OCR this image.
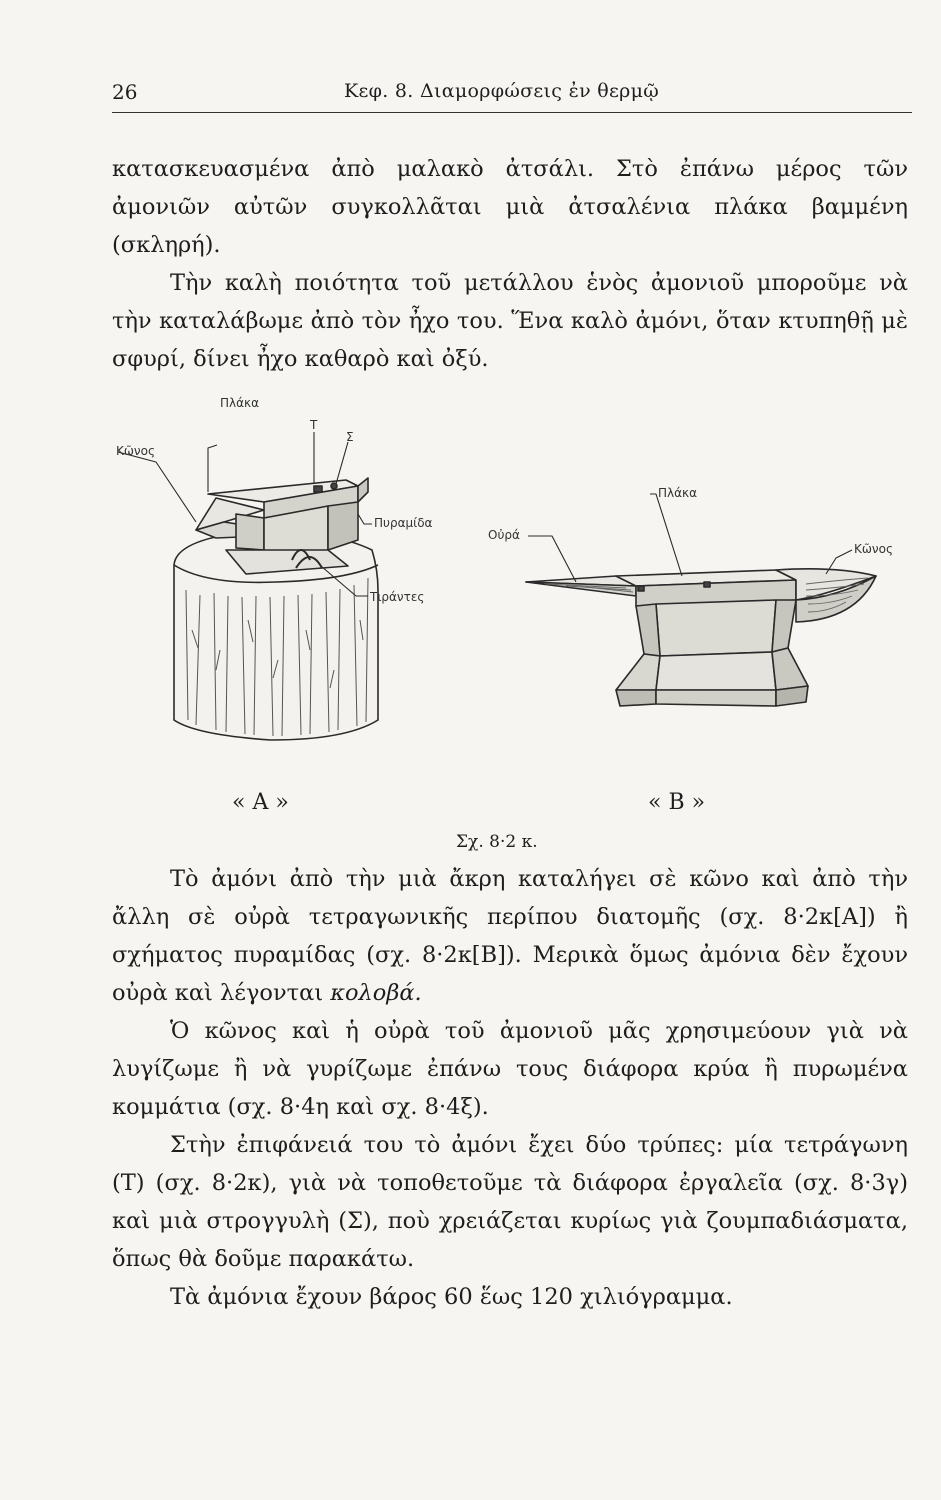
26	Κεφ. 8. Διαμορφώσεις ἐν θερμῷ

κατασκευασμένα ἀπὸ μαλακὸ ἀτσάλι. Στὸ ἐπάνω μέρος τῶν ἀμονιῶν αὐτῶν συγκολλᾶται μιὰ ἀτσαλένια πλάκα βαμμένη (σκληρή).

Τὴν καλὴ ποιότητα τοῦ μετάλλου ἑνὸς ἀμονιοῦ μποροῦμε νὰ τὴν καταλάβωμε ἀπὸ τὸν ἦχο του. Ἕνα καλὸ ἀμόνι, ὅταν κτυπηθῇ μὲ σφυρί, δίνει ἦχο καθαρὸ καὶ ὀξύ.

Πλάκα
T
Σ
Κῶνος
Πυραμίδα
Τιράντες
Πλάκα
Οὐρά
Κῶνος
« A »	« B »
Σχ. 8·2 κ.

Τὸ ἀμόνι ἀπὸ τὴν μιὰ ἄκρη καταλήγει σὲ κῶνο καὶ ἀπὸ τὴν ἄλλη σὲ οὐρὰ τετραγωνικῆς περίπου διατομῆς (σχ. 8·2κ[A]) ἢ σχήματος πυραμίδας (σχ. 8·2κ[B]). Μερικὰ ὅμως ἀμόνια δὲν ἔχουν οὐρὰ καὶ λέγονται κολοβά.

Ὁ κῶνος καὶ ἡ οὐρὰ τοῦ ἀμονιοῦ μᾶς χρησιμεύουν γιὰ νὰ λυγίζωμε ἢ νὰ γυρίζωμε ἐπάνω τους διάφορα κρύα ἢ πυρωμένα κομμάτια (σχ. 8·4η καὶ σχ. 8·4ξ).

Στὴν ἐπιφάνειά του τὸ ἀμόνι ἔχει δύο τρύπες: μία τετράγωνη (T) (σχ. 8·2κ), γιὰ νὰ τοποθετοῦμε τὰ διάφορα ἐργαλεῖα (σχ. 8·3γ) καὶ μιὰ στρογγυλὴ (Σ), ποὺ χρειάζεται κυρίως γιὰ ζουμπαδιάσματα, ὅπως θὰ δοῦμε παρακάτω.

Τὰ ἀμόνια ἔχουν βάρος 60 ἕως 120 χιλιόγραμμα.
